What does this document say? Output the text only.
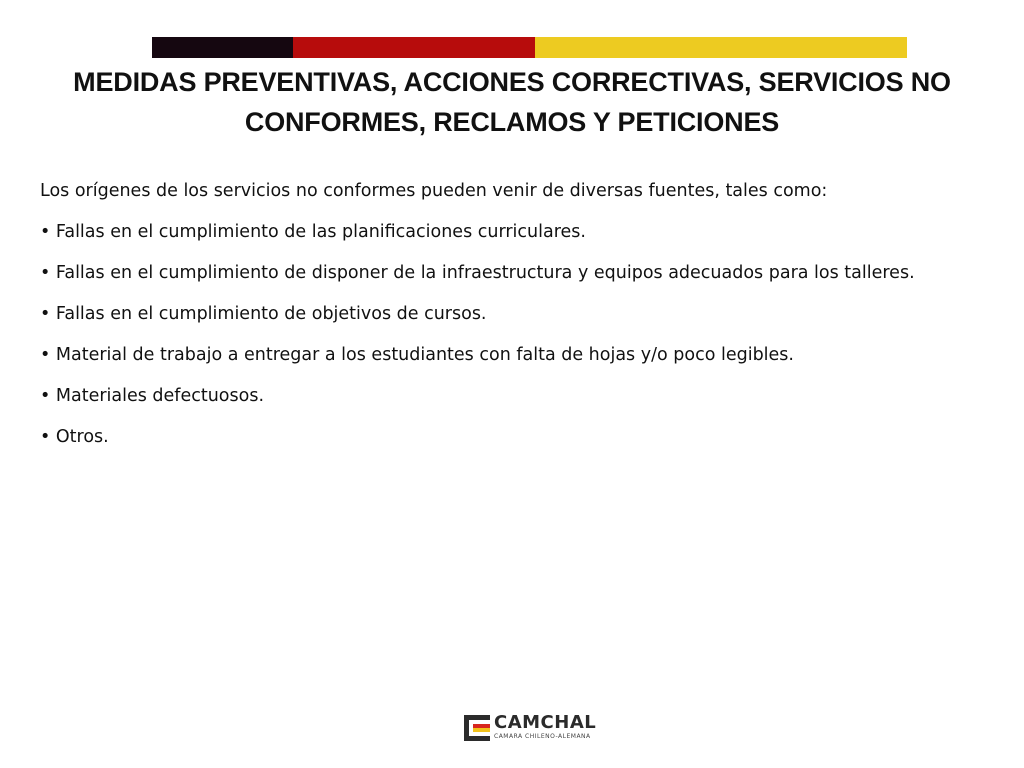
MEDIDAS PREVENTIVAS, ACCIONES CORRECTIVAS, SERVICIOS NO
CONFORMES, RECLAMOS Y PETICIONES

Los orígenes de los servicios no conformes pueden venir de diversas fuentes, tales como:

• Fallas en el cumplimiento de las planificaciones curriculares.

• Fallas en el cumplimiento de disponer de la infraestructura y equipos adecuados para los talleres.

• Fallas en el cumplimiento de objetivos de cursos.

• Material de trabajo a entregar a los estudiantes con falta de hojas y/o poco legibles.

• Materiales defectuosos.

• Otros.

CAMCHAL
CAMARA CHILENO-ALEMANA
